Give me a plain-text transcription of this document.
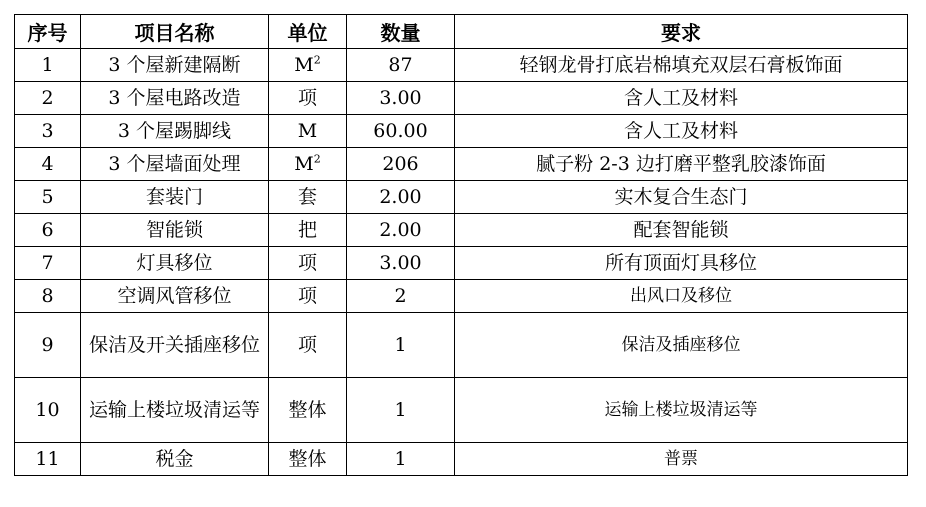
序号	项目名称	单位	数量	要求
1	3 个屋新建隔断	$M^2$	87	轻钢龙骨打底岩棉填充双层石膏板饰面
2	3 个屋电路改造	项	3.00	含人工及材料
3	3 个屋踢脚线	M	60.00	含人工及材料
4	3 个屋墙面处理	$M^2$	206	腻子粉 2-3 边打磨平整乳胶漆饰面
5	套装门	套	2.00	实木复合生态门
6	智能锁	把	2.00	配套智能锁
7	灯具移位	项	3.00	所有顶面灯具移位
8	空调风管移位	项	2	出风口及移位
9	保洁及开关插座移位	项	1	保洁及插座移位
10	运输上楼垃圾清运等	整体	1	运输上楼垃圾清运等
11	税金	整体	1	普票
